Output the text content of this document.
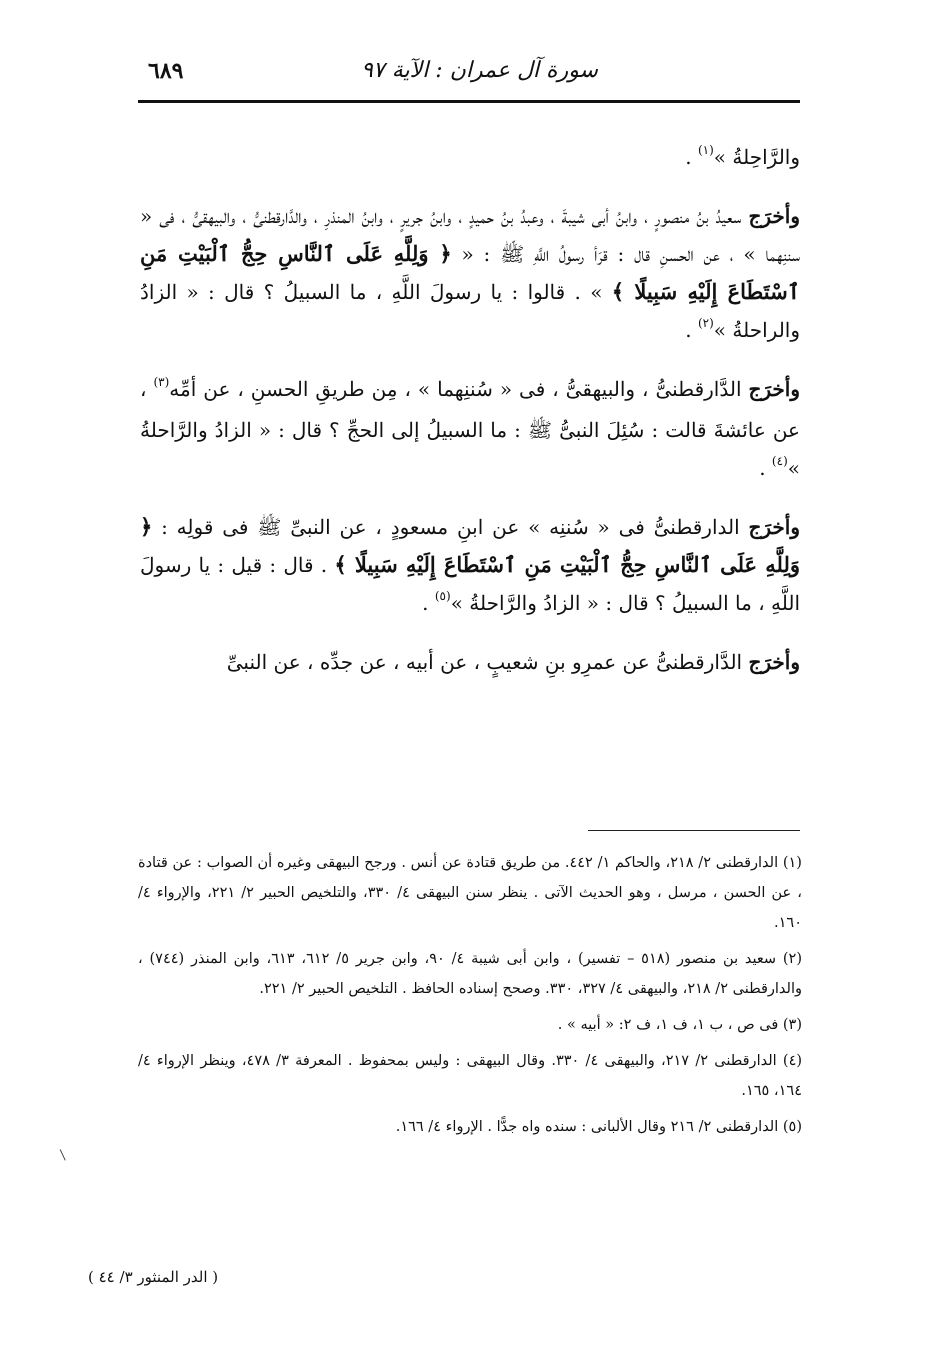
٦٨٩	سورة آل عمران : الآية ٩٧

والرَّاحِلةُ »$^{(١)}$ .

وأخرَج سعيدُ بنُ منصورٍ ، وابنُ أبى شيبةَ ، وعبدُ بنُ حميدٍ ، وابنُ جريرٍ ، وابنُ المنذرِ ، والدَّارقطنىُّ ، والبيهقىُّ ، فى « سننِهما » ، عن الحسنِ قال : قرَأ رسولُ اللَّهِ ﷺ : « ﴿ وَلِلَّهِ عَلَى ٱلنَّاسِ حِجُّ ٱلْبَيْتِ مَنِ ٱسْتَطَاعَ إِلَيْهِ سَبِيلًا ﴾ » . قالوا : يا رسولَ اللَّهِ ، ما السبيلُ ؟ قال : « الزادُ والراحلةُ »$^{(٢)}$ .

وأخرَج الدَّارقطنىُّ ، والبيهقىُّ ، فى « سُننِهما » ، مِن طريقِ الحسنِ ، عن أمِّه$^{(٣)}$ ، عن عائشةَ قالت : سُئِلَ النبىُّ ﷺ : ما السبيلُ إلى الحجِّ ؟ قال : « الزادُ والرَّاحلةُ »$^{(٤)}$ .

وأخرَج الدارقطنىُّ فى « سُننِه » عن ابنِ مسعودٍ ، عن النبىِّ ﷺ فى قولِه : ﴿ وَلِلَّهِ عَلَى ٱلنَّاسِ حِجُّ ٱلْبَيْتِ مَنِ ٱسْتَطَاعَ إِلَيْهِ سَبِيلًا ﴾ . قال : قيل : يا رسولَ اللَّهِ ، ما السبيلُ ؟ قال : « الزادُ والرَّاحلةُ »$^{(٥)}$ .

وأخرَج الدَّارقطنىُّ عن عمرِو بنِ شعيبٍ ، عن أبيه ، عن جدِّه ، عن النبىِّ

(١) الدارقطنى ٢/ ٢١٨، والحاكم ١/ ٤٤٢. من طريق قتادة عن أنس . ورجح البيهقى وغيره أن الصواب : عن قتادة ، عن الحسن ، مرسل ، وهو الحديث الآتى . ينظر سنن البيهقى ٤/ ٣٣٠، والتلخيص الحبير ٢/ ٢٢١، والإرواء ٤/ ١٦٠.

(٢) سعيد بن منصور (٥١٨ – تفسير) ، وابن أبى شيبة ٤/ ٩٠، وابن جرير ٥/ ٦١٢، ٦١٣، وابن المنذر (٧٤٤) ، والدارقطنى ٢/ ٢١٨، والبيهقى ٤/ ٣٢٧، ٣٣٠. وصحح إسناده الحافظ . التلخيص الحبير ٢/ ٢٢١.

(٣) فى ص ، ب ١، ف ١، ف ٢: « أبيه » .

(٤) الدارقطنى ٢/ ٢١٧، والبيهقى ٤/ ٣٣٠. وقال البيهقى : وليس بمحفوظ . المعرفة ٣/ ٤٧٨، وينظر الإرواء ٤/ ١٦٤، ١٦٥.

(٥) الدارقطنى ٢/ ٢١٦ وقال الألبانى : سنده واه جدًّا . الإرواء ٤/ ١٦٦.

( الدر المنثور ٣/ ٤٤ )
